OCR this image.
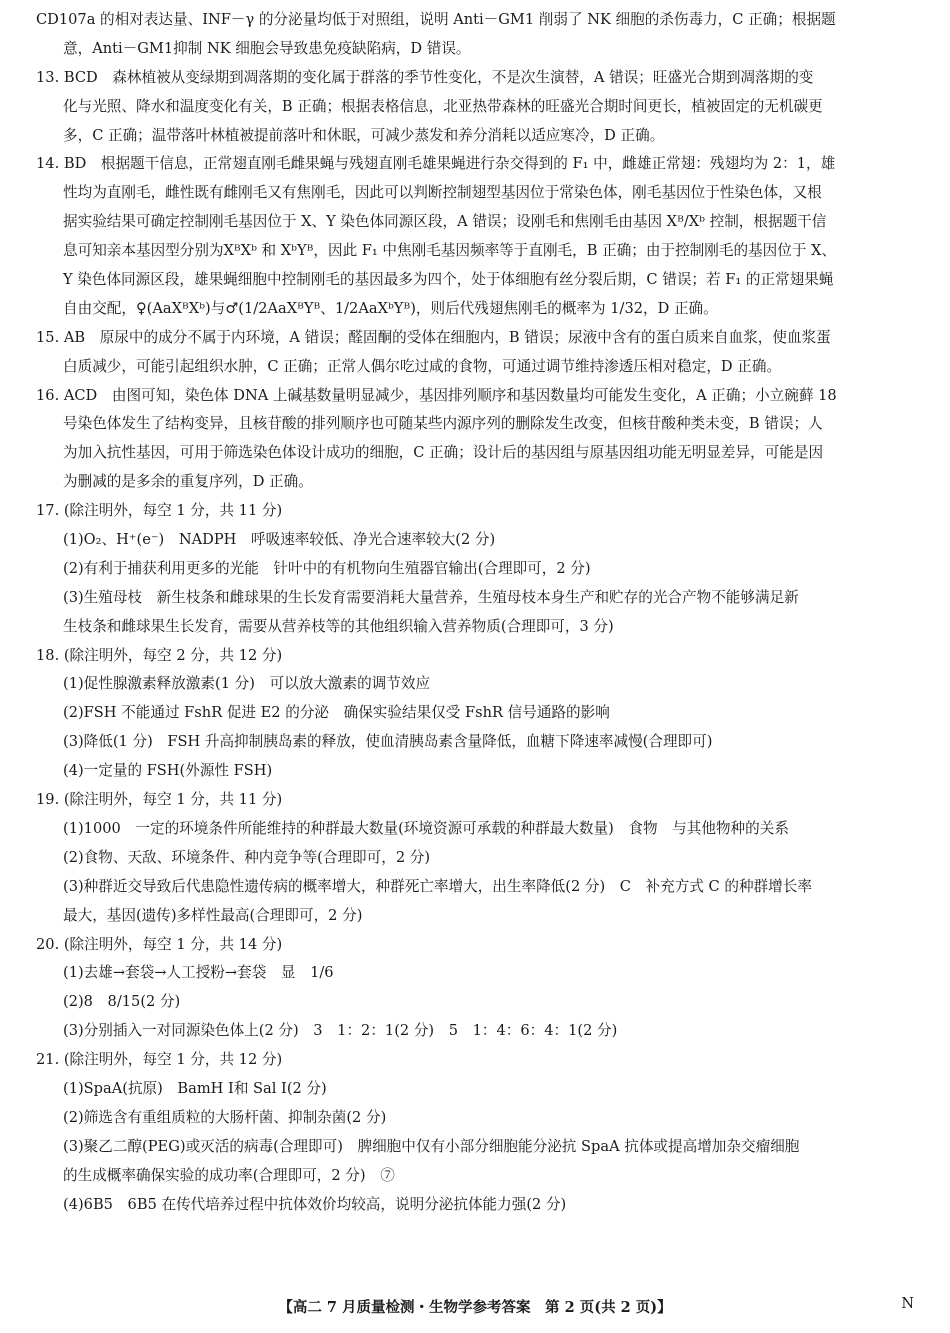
CD107a 的相对表达量、INF－γ 的分泌量均低于对照组，说明 Anti－GM1 削弱了 NK 细胞的杀伤毒力，C 正确；根据题
意，Anti－GM1抑制 NK 细胞会导致患免疫缺陷病，D 错误。
13. BCD　森林植被从变绿期到凋落期的变化属于群落的季节性变化，不是次生演替，A 错误；旺盛光合期到凋落期的变
化与光照、降水和温度变化有关，B 正确；根据表格信息，北亚热带森林的旺盛光合期时间更长，植被固定的无机碳更
多，C 正确；温带落叶林植被提前落叶和休眠，可减少蒸发和养分消耗以适应寒冷，D 正确。
14. BD　根据题干信息，正常翅直刚毛雌果蝇与残翅直刚毛雄果蝇进行杂交得到的 F₁ 中，雌雄正常翅：残翅均为 2：1，雄
性均为直刚毛，雌性既有雌刚毛又有焦刚毛，因此可以判断控制翅型基因位于常染色体，刚毛基因位于性染色体，又根
据实验结果可确定控制刚毛基因位于 X、Y 染色体同源区段，A 错误；设刚毛和焦刚毛由基因 Xᴮ/Xᵇ 控制，根据题干信
息可知亲本基因型分别为XᴮXᵇ 和 XᵇYᴮ，因此 F₁ 中焦刚毛基因频率等于直刚毛，B 正确；由于控制刚毛的基因位于 X、
Y 染色体同源区段，雄果蝇细胞中控制刚毛的基因最多为四个，处于体细胞有丝分裂后期，C 错误；若 F₁ 的正常翅果蝇
自由交配，♀(AaXᴮXᵇ)与♂(1/2AaXᴮYᴮ、1/2AaXᵇYᴮ)，则后代残翅焦刚毛的概率为 1/32，D 正确。
15. AB　原尿中的成分不属于内环境，A 错误；醛固酮的受体在细胞内，B 错误；尿液中含有的蛋白质来自血浆，使血浆蛋
白质减少，可能引起组织水肿，C 正确；正常人偶尔吃过咸的食物，可通过调节维持渗透压相对稳定，D 正确。
16. ACD　由图可知，染色体 DNA 上碱基数量明显减少，基因排列顺序和基因数量均可能发生变化，A 正确；小立碗藓 18
号染色体发生了结构变异，且核苷酸的排列顺序也可随某些内源序列的删除发生改变，但核苷酸种类未变，B 错误；人
为加入抗性基因，可用于筛选染色体设计成功的细胞，C 正确；设计后的基因组与原基因组功能无明显差异，可能是因
为删减的是多余的重复序列，D 正确。
17. (除注明外，每空 1 分，共 11 分)
(1)O₂、H⁺(e⁻)　NADPH　呼吸速率较低、净光合速率较大(2 分)
(2)有利于捕获利用更多的光能　针叶中的有机物向生殖器官输出(合理即可，2 分)
(3)生殖母枝　新生枝条和雌球果的生长发育需要消耗大量营养，生殖母枝本身生产和贮存的光合产物不能够满足新
生枝条和雌球果生长发育，需要从营养枝等的其他组织输入营养物质(合理即可，3 分)
18. (除注明外，每空 2 分，共 12 分)
(1)促性腺激素释放激素(1 分)　可以放大激素的调节效应
(2)FSH 不能通过 FshR 促进 E2 的分泌　确保实验结果仅受 FshR 信号通路的影响
(3)降低(1 分)　FSH 升高抑制胰岛素的释放，使血清胰岛素含量降低，血糖下降速率减慢(合理即可)
(4)一定量的 FSH(外源性 FSH)
19. (除注明外，每空 1 分，共 11 分)
(1)1000　一定的环境条件所能维持的种群最大数量(环境资源可承载的种群最大数量)　食物　与其他物种的关系
(2)食物、天敌、环境条件、种内竞争等(合理即可，2 分)
(3)种群近交导致后代患隐性遗传病的概率增大，种群死亡率增大，出生率降低(2 分)　C　补充方式 C 的种群增长率
最大，基因(遗传)多样性最高(合理即可，2 分)
20. (除注明外，每空 1 分，共 14 分)
(1)去雄→套袋→人工授粉→套袋　显　1/6
(2)8　8/15(2 分)
(3)分别插入一对同源染色体上(2 分)　3　1：2：1(2 分)　5　1：4：6：4：1(2 分)
21. (除注明外，每空 1 分，共 12 分)
(1)SpaA(抗原)　BamH Ⅰ和 Sal Ⅰ(2 分)
(2)筛选含有重组质粒的大肠杆菌、抑制杂菌(2 分)
(3)聚乙二醇(PEG)或灭活的病毒(合理即可)　脾细胞中仅有小部分细胞能分泌抗 SpaA 抗体或提高增加杂交瘤细胞
的生成概率确保实验的成功率(合理即可，2 分)　⑦
(4)6B5　6B5 在传代培养过程中抗体效价均较高，说明分泌抗体能力强(2 分)
【高二 7 月质量检测・生物学参考答案　第 2 页(共 2 页)】	N
